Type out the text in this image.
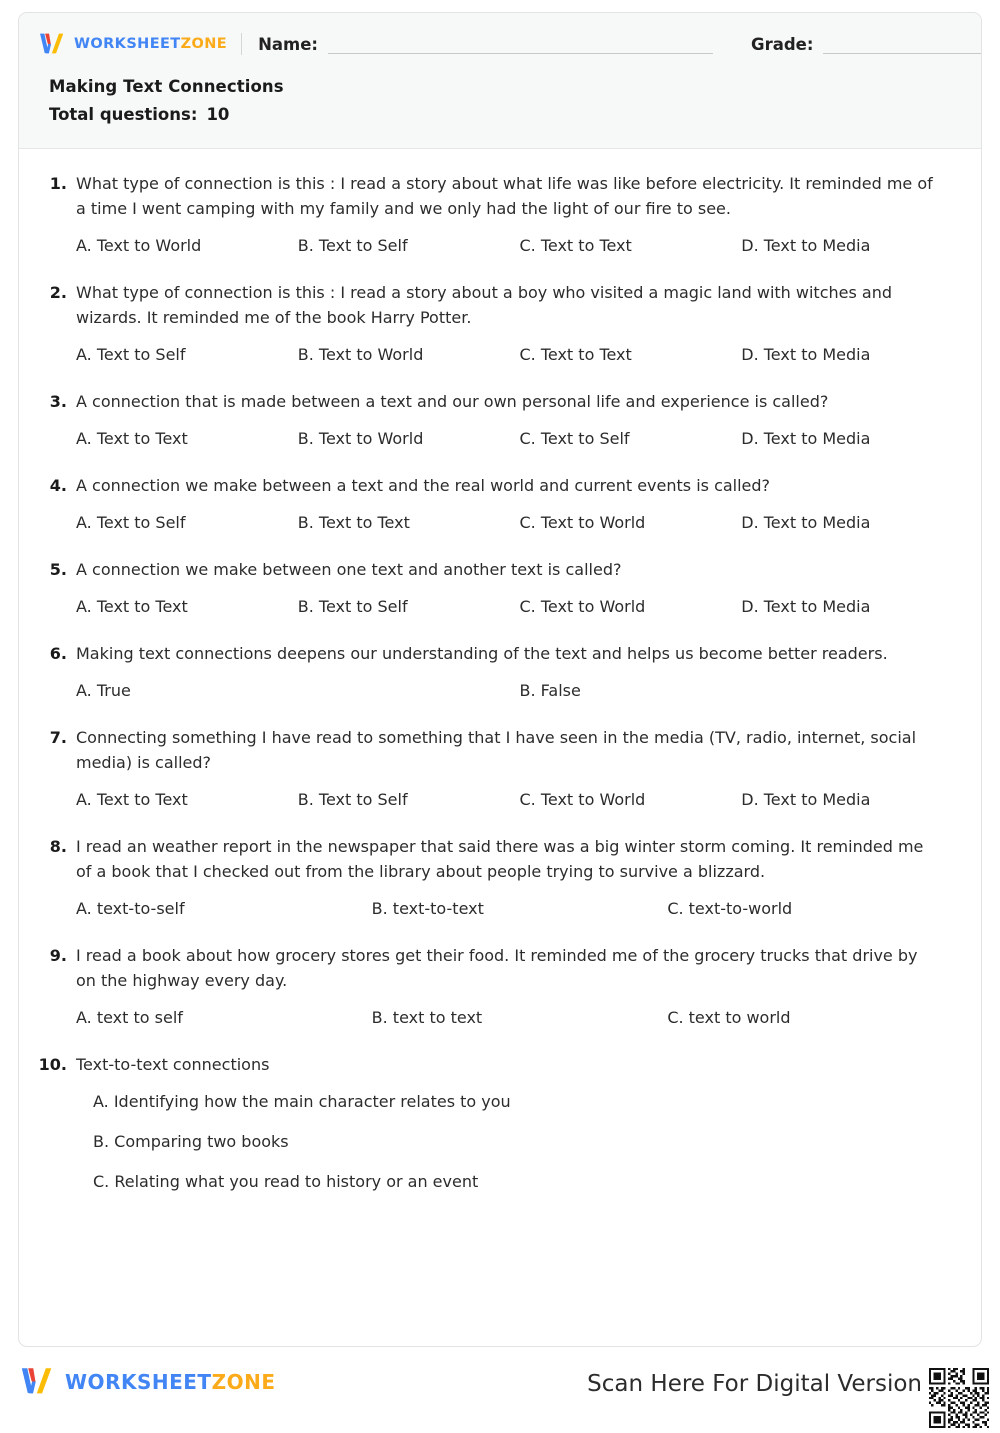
WORKSHEETZONE Name:	Grade:
Making Text Connections
Total questions: 10
1. What type of connection is this : I read a story about what life was like before electricity. It reminded me of a time I went camping with my family and we only had the light of our fire to see.
A. Text to World	B. Text to Self	C. Text to Text	D. Text to Media
2. What type of connection is this : I read a story about a boy who visited a magic land with witches and wizards. It reminded me of the book Harry Potter.
A. Text to Self	B. Text to World	C. Text to Text	D. Text to Media
3. A connection that is made between a text and our own personal life and experience is called?
A. Text to Text	B. Text to World	C. Text to Self	D. Text to Media
4. A connection we make between a text and the real world and current events is called?
A. Text to Self	B. Text to Text	C. Text to World	D. Text to Media
5. A connection we make between one text and another text is called?
A. Text to Text	B. Text to Self	C. Text to World	D. Text to Media
6. Making text connections deepens our understanding of the text and helps us become better readers.
A. True	B. False
7. Connecting something I have read to something that I have seen in the media (TV, radio, internet, social media) is called?
A. Text to Text	B. Text to Self	C. Text to World	D. Text to Media
8. I read an weather report in the newspaper that said there was a big winter storm coming. It reminded me of a book that I checked out from the library about people trying to survive a blizzard.
A. text-to-self	B. text-to-text	C. text-to-world
9. I read a book about how grocery stores get their food. It reminded me of the grocery trucks that drive by on the highway every day.
A. text to self	B. text to text	C. text to world
10. Text-to-text connections
A. Identifying how the main character relates to you
B. Comparing two books
C. Relating what you read to history or an event
WORKSHEETZONE	Scan Here For Digital Version
